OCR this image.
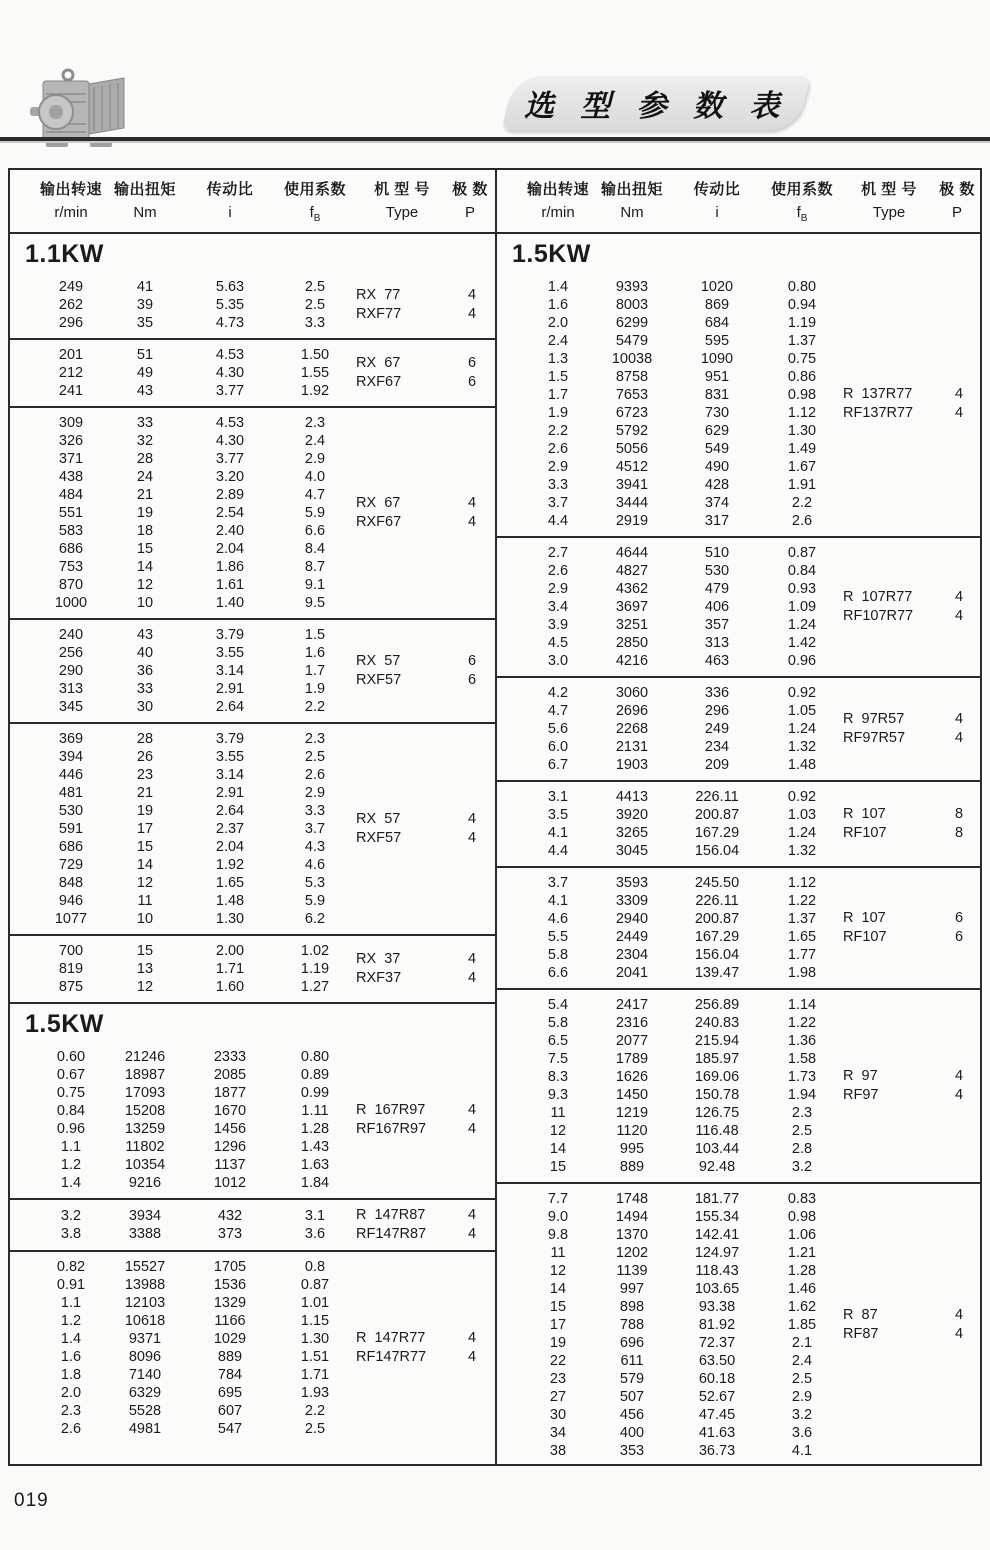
选 型 参 数 表
输出转速 输出扭矩	传动比	使用系数	机 型 号	极 数
r/min	Nm	i	$f_B$	Type	P
1.1KW
249	41	5.63	2.5
262	39	5.35	2.5
296	35	4.73	3.3
RX  77	4
RXF77	4
201	51	4.53	1.50
212	49	4.30	1.55
241	43	3.77	1.92
RX  67	6
RXF67	6
309	33	4.53	2.3
326	32	4.30	2.4
371	28	3.77	2.9
438	24	3.20	4.0
484	21	2.89	4.7
551	19	2.54	5.9
583	18	2.40	6.6
686	15	2.04	8.4
753	14	1.86	8.7
870	12	1.61	9.1
1000	10	1.40	9.5
RX  67	4
RXF67	4
240	43	3.79	1.5
256	40	3.55	1.6
290	36	3.14	1.7
313	33	2.91	1.9
345	30	2.64	2.2
RX  57	6
RXF57	6
369	28	3.79	2.3
394	26	3.55	2.5
446	23	3.14	2.6
481	21	2.91	2.9
530	19	2.64	3.3
591	17	2.37	3.7
686	15	2.04	4.3
729	14	1.92	4.6
848	12	1.65	5.3
946	11	1.48	5.9
1077	10	1.30	6.2
RX  57	4
RXF57	4
700	15	2.00	1.02
819	13	1.71	1.19
875	12	1.60	1.27
RX  37	4
RXF37	4
1.5KW
0.60	21246	2333	0.80
0.67	18987	2085	0.89
0.75	17093	1877	0.99
0.84	15208	1670	1.11
0.96	13259	1456	1.28
1.1	11802	1296	1.43
1.2	10354	1137	1.63
1.4	9216	1012	1.84
R  167R97	4
RF167R97	4
3.2	3934	432	3.1
3.8	3388	373	3.6
R  147R87	4
RF147R87	4
0.82	15527	1705	0.8
0.91	13988	1536	0.87
1.1	12103	1329	1.01
1.2	10618	1166	1.15
1.4	9371	1029	1.30
1.6	8096	889	1.51
1.8	7140	784	1.71
2.0	6329	695	1.93
2.3	5528	607	2.2
2.6	4981	547	2.5
R  147R77	4
RF147R77	4
输出转速 输出扭矩	传动比	使用系数	机 型 号	极 数
r/min	Nm	i	$f_B$	Type	P
1.5KW
1.4	9393	1020	0.80
1.6	8003	869	0.94
2.0	6299	684	1.19
2.4	5479	595	1.37
1.3	10038	1090	0.75
1.5	8758	951	0.86
1.7	7653	831	0.98
1.9	6723	730	1.12
2.2	5792	629	1.30
2.6	5056	549	1.49
2.9	4512	490	1.67
3.3	3941	428	1.91
3.7	3444	374	2.2
4.4	2919	317	2.6
R  137R77	4
RF137R77	4
2.7	4644	510	0.87
2.6	4827	530	0.84
2.9	4362	479	0.93
3.4	3697	406	1.09
3.9	3251	357	1.24
4.5	2850	313	1.42
3.0	4216	463	0.96
R  107R77	4
RF107R77	4
4.2	3060	336	0.92
4.7	2696	296	1.05
5.6	2268	249	1.24
6.0	2131	234	1.32
6.7	1903	209	1.48
R  97R57	4
RF97R57	4
3.1	4413	226.11	0.92
3.5	3920	200.87	1.03
4.1	3265	167.29	1.24
4.4	3045	156.04	1.32
R  107	8
RF107	8
3.7	3593	245.50	1.12
4.1	3309	226.11	1.22
4.6	2940	200.87	1.37
5.5	2449	167.29	1.65
5.8	2304	156.04	1.77
6.6	2041	139.47	1.98
R  107	6
RF107	6
5.4	2417	256.89	1.14
5.8	2316	240.83	1.22
6.5	2077	215.94	1.36
7.5	1789	185.97	1.58
8.3	1626	169.06	1.73
9.3	1450	150.78	1.94
11	1219	126.75	2.3
12	1120	116.48	2.5
14	995	103.44	2.8
15	889	92.48	3.2
R  97	4
RF97	4
7.7	1748	181.77	0.83
9.0	1494	155.34	0.98
9.8	1370	142.41	1.06
11	1202	124.97	1.21
12	1139	118.43	1.28
14	997	103.65	1.46
15	898	93.38	1.62
17	788	81.92	1.85
19	696	72.37	2.1
22	611	63.50	2.4
23	579	60.18	2.5
27	507	52.67	2.9
30	456	47.45	3.2
34	400	41.63	3.6
38	353	36.73	4.1
R  87	4
RF87	4
019
